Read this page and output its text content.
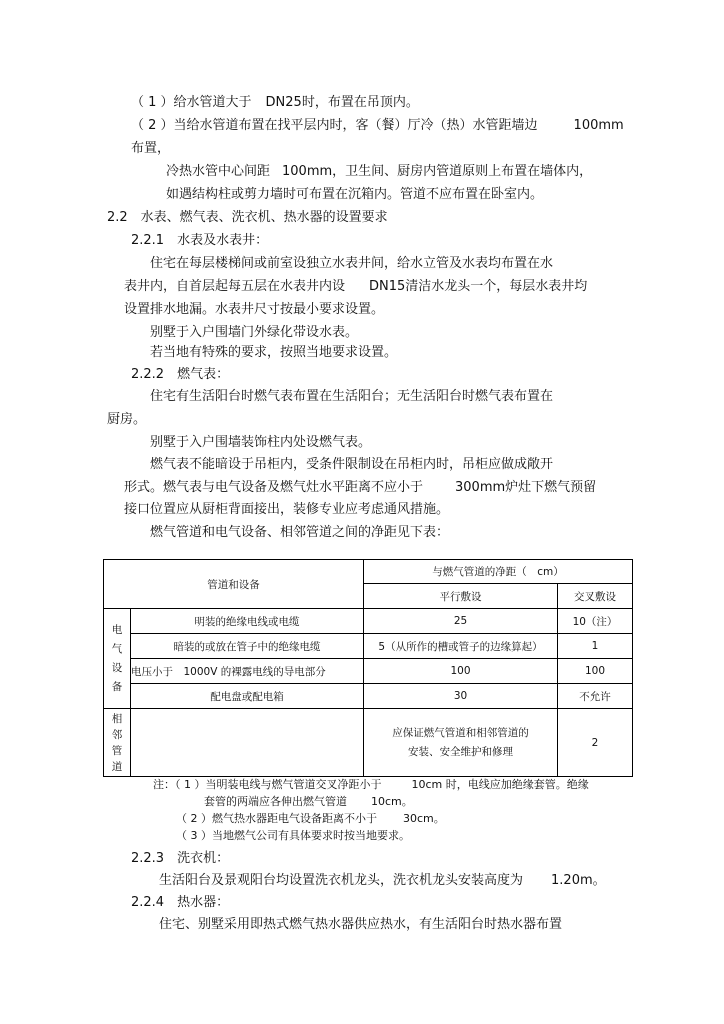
（ 1 ）给水管道大于 DN25时，布置在吊顶内。
（ 2 ）当给水管道布置在找平层内时，客（餐）厅冷（热）水管距墙边	100mm
布置，
冷热水管中心间距 100mm，卫生间、厨房内管道原则上布置在墙体内，
如遇结构柱或剪力墙时可布置在沉箱内。管道不应布置在卧室内。
2.2　水表、燃气表、洗衣机、热水器的设置要求
2.2.1　水表及水表井：
住宅在每层楼梯间或前室设独立水表井间，给水立管及水表均布置在水
表井内，自首层起每五层在水表井内设 DN15清洁水龙头一个，每层水表井均
设置排水地漏。水表井尺寸按最小要求设置。
别墅于入户围墙门外绿化带设水表。
若当地有特殊的要求，按照当地要求设置。
2.2.2　燃气表：
住宅有生活阳台时燃气表布置在生活阳台；无生活阳台时燃气表布置在
厨房。
别墅于入户围墙装饰柱内处设燃气表。
燃气表不能暗设于吊柜内，受条件限制设在吊柜内时，吊柜应做成敞开
形式。燃气表与电气设备及燃气灶水平距离不应小于 300mm炉灶下燃气预留
接口位置应从厨柜背面接出，装修专业应考虑通风措施。
燃气管道和电气设备、相邻管道之间的净距见下表：
管道和设备		与燃气管道的净距（　cm）	
		平行敷设	交叉敷设

电
气
设
备	明装的绝缘电线或电缆	25	10（注）
	暗装的或放在管子中的绝缘电缆	5（从所作的槽或管子的边缘算起）	1
	电压小于　1000V 的裸露电线的导电部分	100	100
	配电盘或配电箱	30	不允许

相
邻
管
道		应保证燃气管道和相邻管道的
安装、安全维护和修理	2
注：（ 1 ）当明装电线与燃气管道交叉净距小于	10cm 时，电线应加绝缘套管。绝缘
套管的两端应各伸出燃气管道 10cm。
（ 2 ）燃气热水器距电气设备距离不小于 30cm。
（ 3 ）当地燃气公司有具体要求时按当地要求。
2.2.3　洗衣机：
生活阳台及景观阳台均设置洗衣机龙头，洗衣机龙头安装高度为 1.20m。
2.2.4　热水器：
住宅、别墅采用即热式燃气热水器供应热水，有生活阳台时热水器布置
